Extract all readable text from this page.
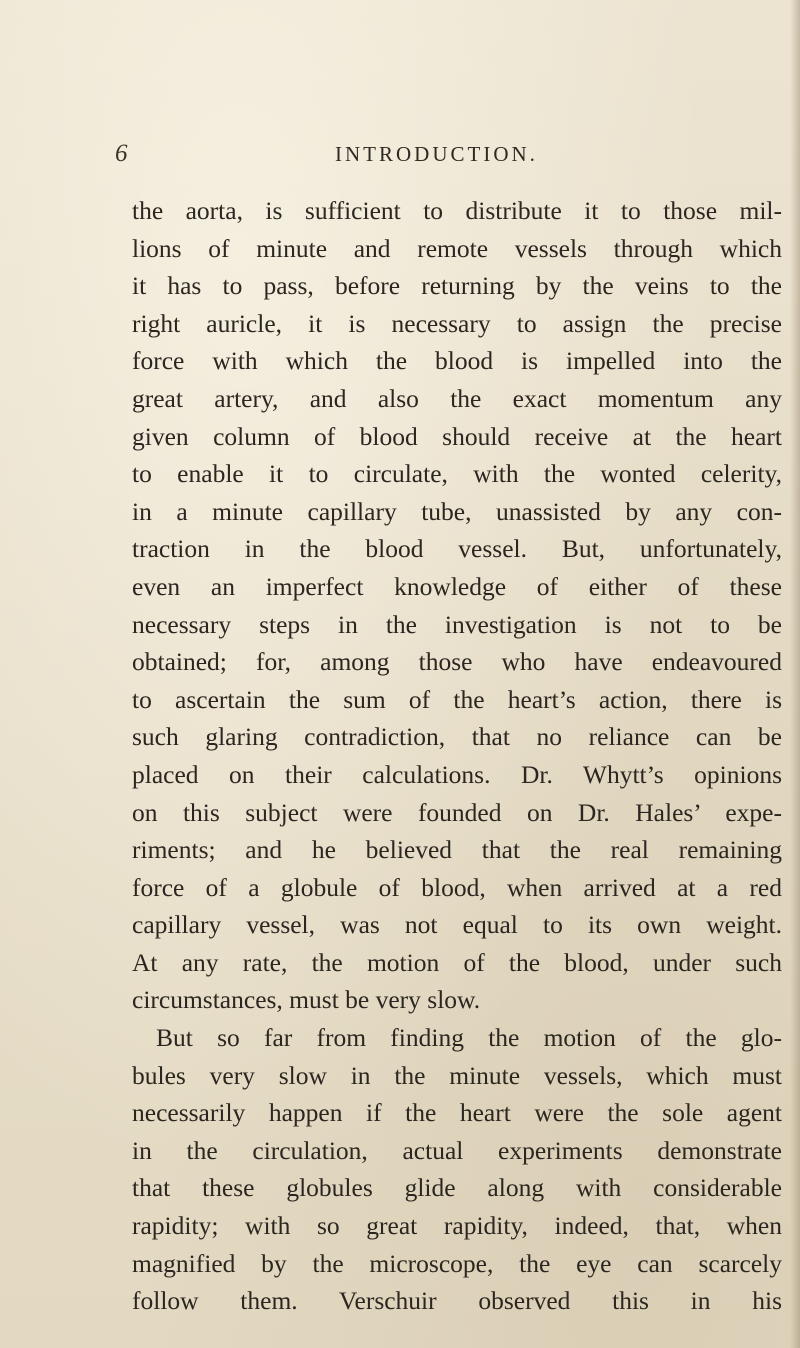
6	INTRODUCTION.
the aorta, is sufficient to distribute it to those mil-
lions of minute and remote vessels through which
it has to pass, before returning by the veins to the
right auricle, it is necessary to assign the precise
force with which the blood is impelled into the
great artery, and also the exact momentum any
given column of blood should receive at the heart
to enable it to circulate, with the wonted celerity,
in a minute capillary tube, unassisted by any con-
traction in the blood vessel. But, unfortunately,
even an imperfect knowledge of either of these
necessary steps in the investigation is not to be
obtained; for, among those who have endeavoured
to ascertain the sum of the heart’s action, there is
such glaring contradiction, that no reliance can be
placed on their calculations. Dr. Whytt’s opinions
on this subject were founded on Dr. Hales’ expe-
riments; and he believed that the real remaining
force of a globule of blood, when arrived at a red
capillary vessel, was not equal to its own weight.
At any rate, the motion of the blood, under such
circumstances, must be very slow.
But so far from finding the motion of the glo-
bules very slow in the minute vessels, which must
necessarily happen if the heart were the sole agent
in the circulation, actual experiments demonstrate
that these globules glide along with considerable
rapidity; with so great rapidity, indeed, that, when
magnified by the microscope, the eye can scarcely
follow them. Verschuir observed this in his
